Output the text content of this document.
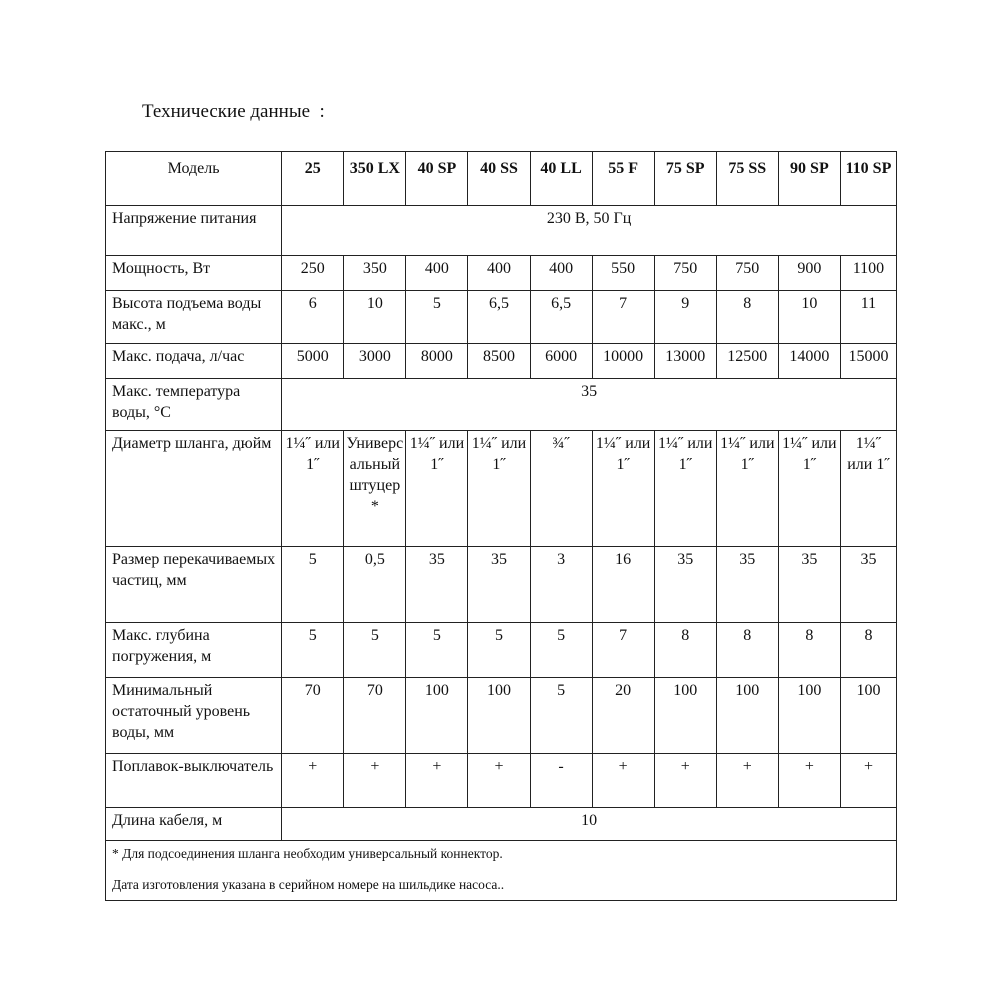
Технические данные  :
Модель	25	350 LX	40 SP	40 SS	40 LL	55 F	75 SP	75 SS	90 SP	110 SP
Напряжение питания	230 В, 50 Гц									
Мощность, Вт	250	350	400	400	400	550	750	750	900	1100
Высота подъема воды макс., м	6	10	5	6,5	6,5	7	9	8	10	11
Макс. подача, л/час	5000	3000	8000	8500	6000	10000	13000	12500	14000	15000
Макс. температура воды, °C	35									
Диаметр шланга, дюйм	1¼˝ или 1˝	Универсальный штуцер*	1¼˝ или 1˝	1¼˝ или 1˝	¾˝	1¼˝ или 1˝	1¼˝ или 1˝	1¼˝ или 1˝	1¼˝ или 1˝	1¼˝ или 1˝
Размер перекачиваемых частиц, мм	5	0,5	35	35	3	16	35	35	35	35
Макс. глубина погружения, м	5	5	5	5	5	7	8	8	8	8
Минимальный остаточный уровень воды, мм	70	70	100	100	5	20	100	100	100	100
Поплавок-выключатель	+	+	+	+	-	+	+	+	+	+
Длина кабеля, м	10									

* Для подсоединения шланга необходим универсальный коннектор.
Дата изготовления указана в серийном номере на шильдике насоса..										
